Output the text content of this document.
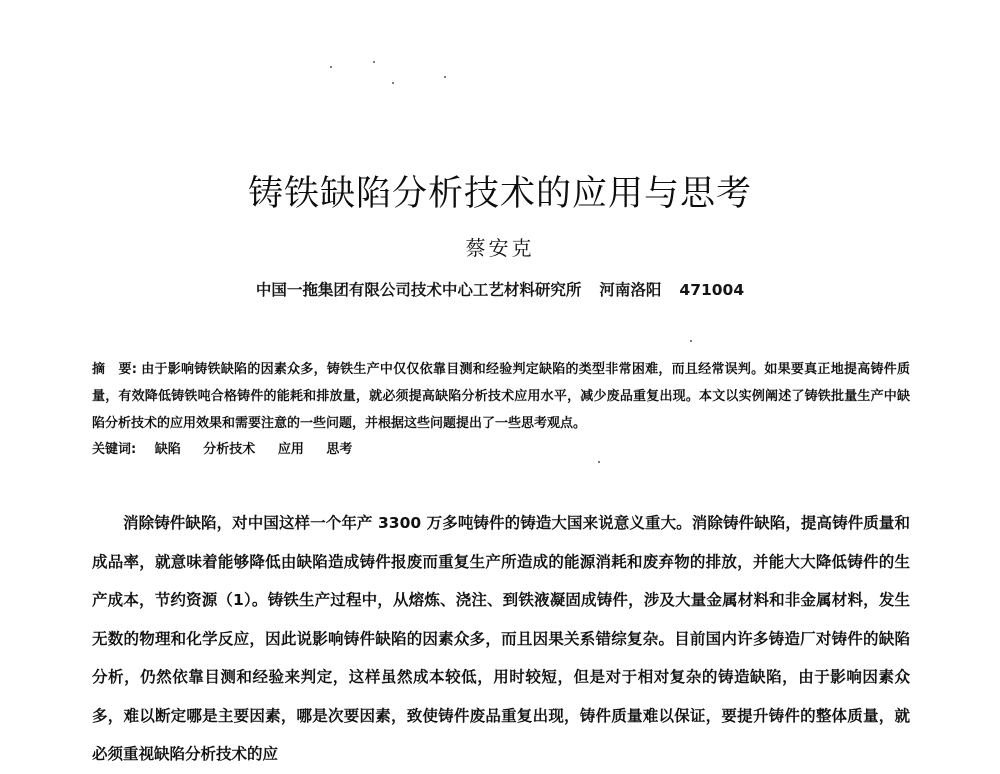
铸铁缺陷分析技术的应用与思考
蔡安克
中国一拖集团有限公司技术中心工艺材料研究所 河南洛阳 471004
摘　要: 由于影响铸铁缺陷的因素众多，铸铁生产中仅仅依靠目测和经验判定缺陷的类型非常困难，而且经常误判。如果要真正地提高铸件质量，有效降低铸铁吨合格铸件的能耗和排放量，就必须提高缺陷分析技术应用水平，减少废品重复出现。本文以实例阐述了铸铁批量生产中缺陷分析技术的应用效果和需要注意的一些问题，并根据这些问题提出了一些思考观点。
关键词: 缺陷 分析技术 应用 思考
消除铸件缺陷，对中国这样一个年产 3300 万多吨铸件的铸造大国来说意义重大。消除铸件缺陷，提高铸件质量和成品率，就意味着能够降低由缺陷造成铸件报废而重复生产所造成的能源消耗和废弃物的排放，并能大大降低铸件的生产成本，节约资源（1）。铸铁生产过程中，从熔炼、浇注、到铁液凝固成铸件，涉及大量金属材料和非金属材料，发生无数的物理和化学反应，因此说影响铸件缺陷的因素众多，而且因果关系错综复杂。目前国内许多铸造厂对铸件的缺陷分析，仍然依靠目测和经验来判定，这样虽然成本较低，用时较短，但是对于相对复杂的铸造缺陷，由于影响因素众多，难以断定哪是主要因素，哪是次要因素，致使铸件废品重复出现，铸件质量难以保证，要提升铸件的整体质量，就必须重视缺陷分析技术的应
